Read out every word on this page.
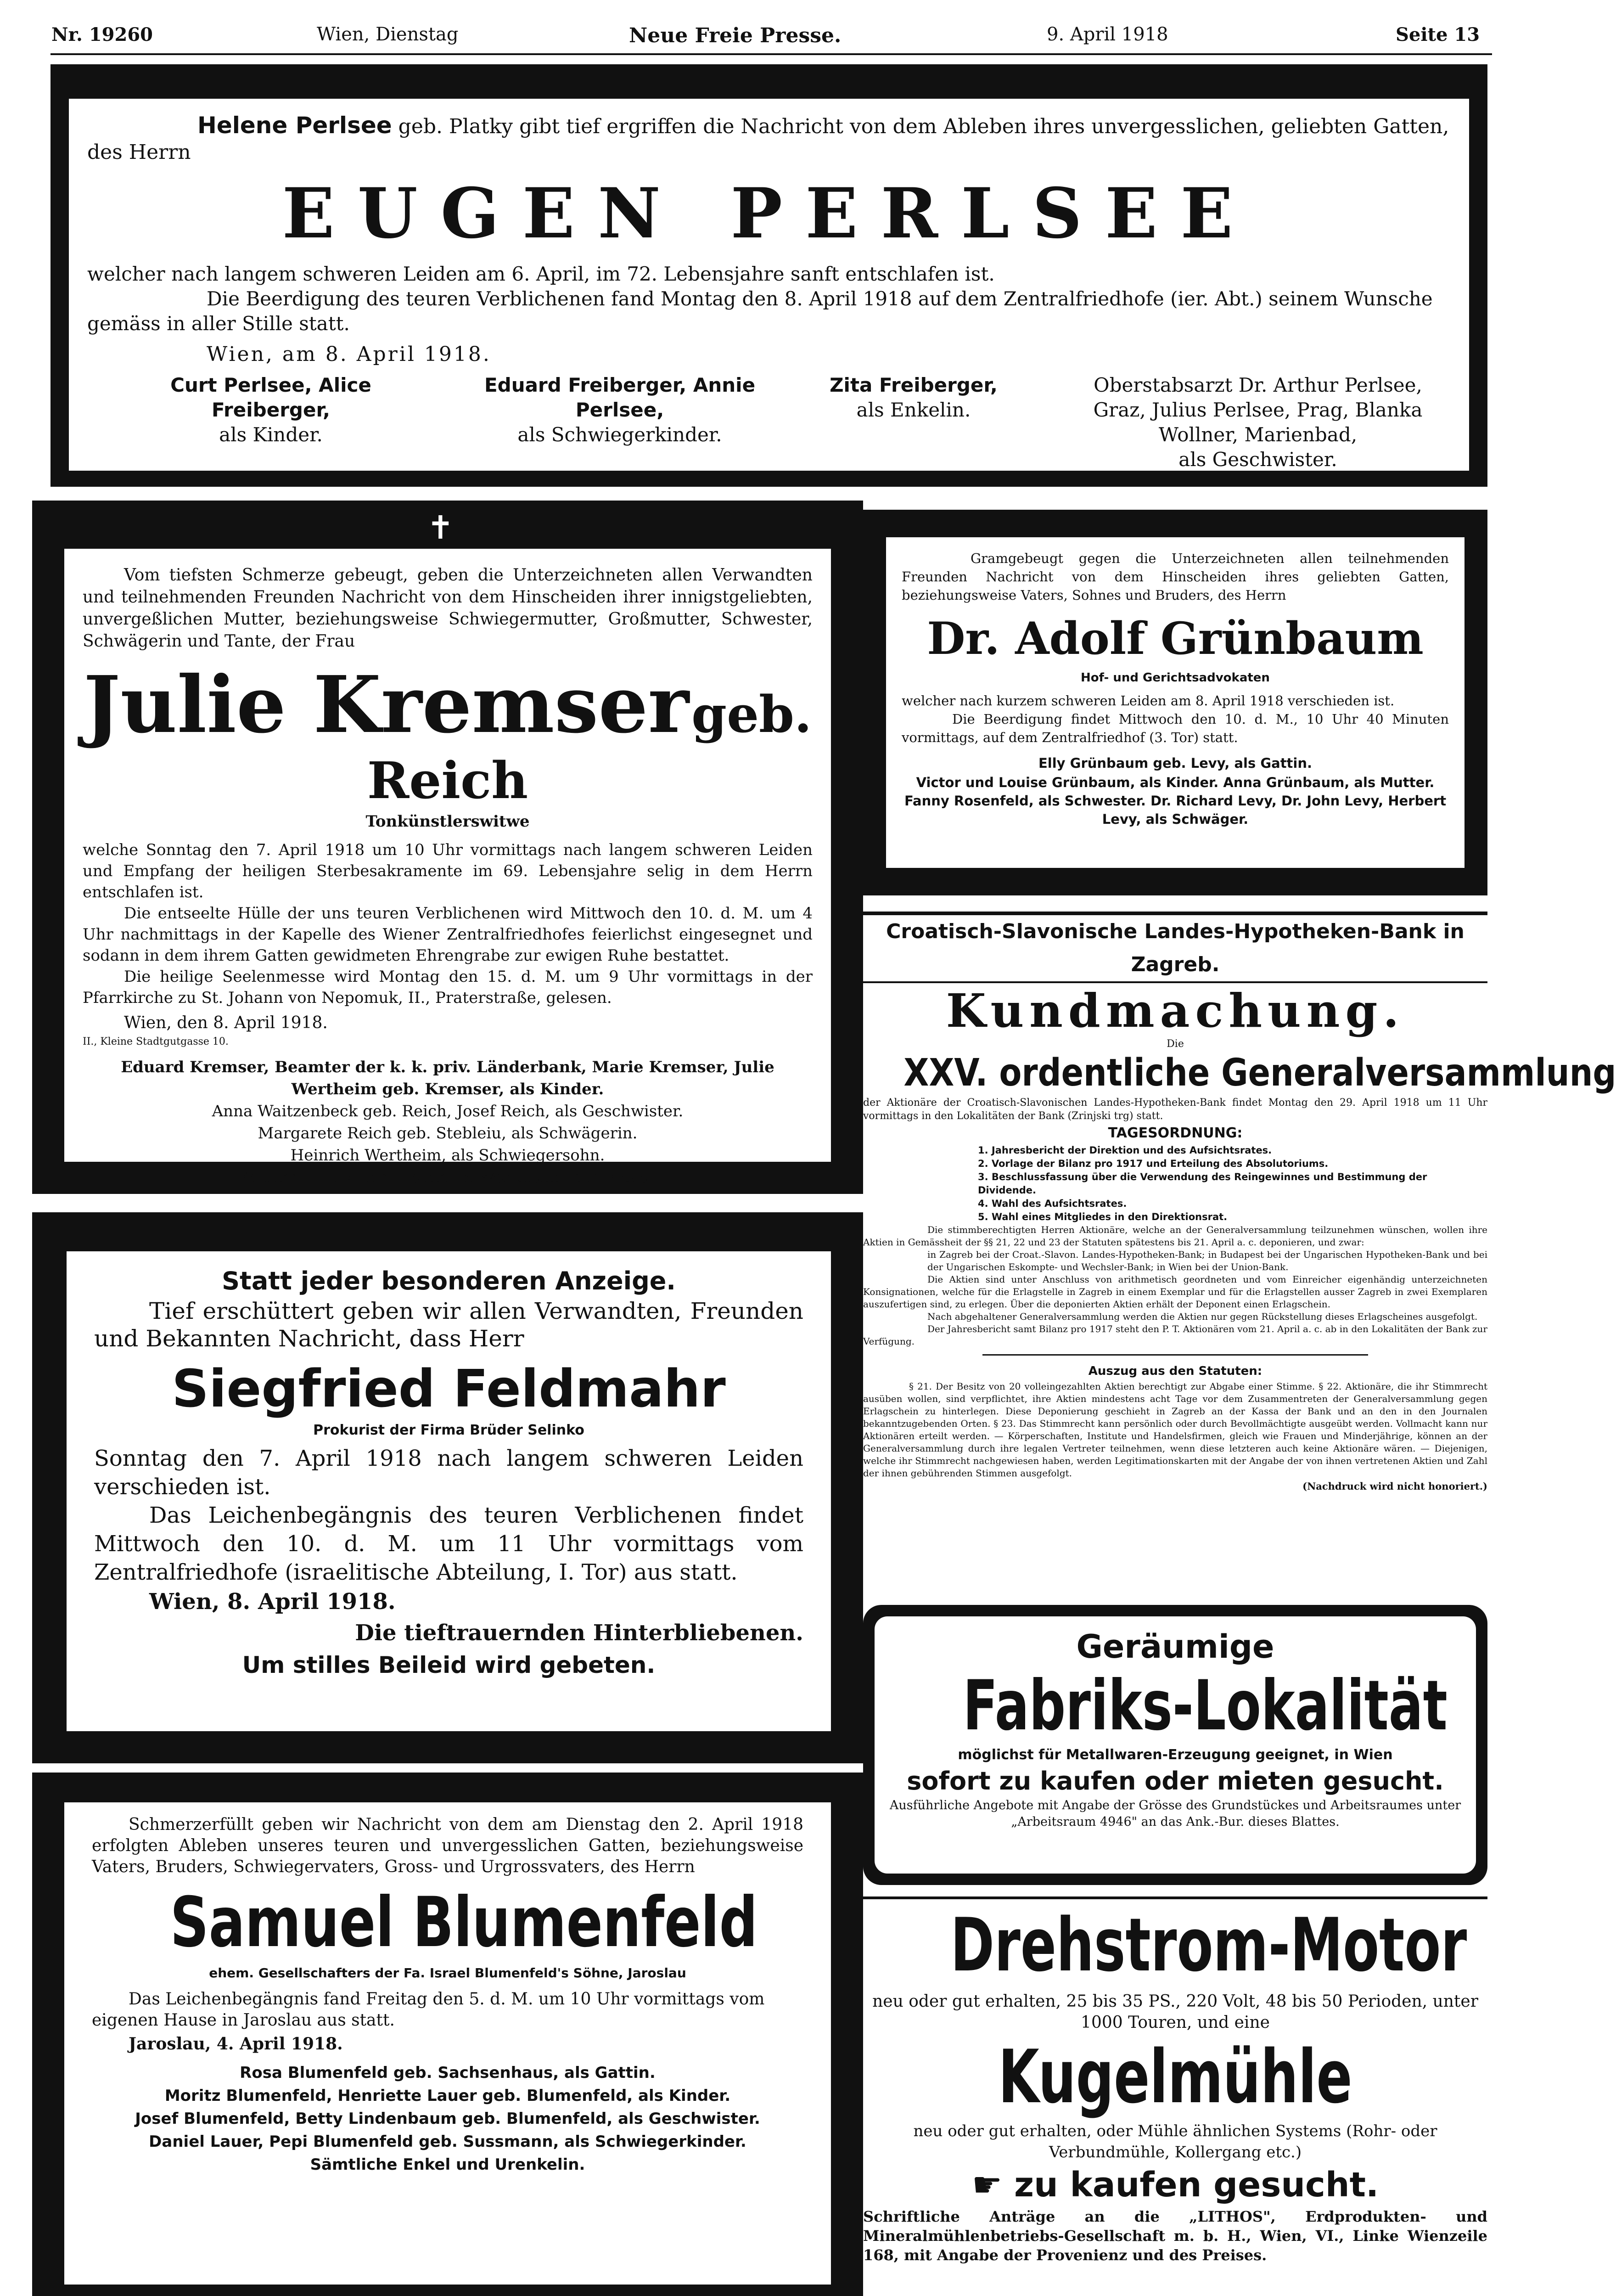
Nr. 19260	Wien, Dienstag	Neue Freie Presse.	9. April 1918	Seite 13

Helene Perlsee geb. Platky gibt tief ergriffen die Nachricht von dem Ableben ihres unvergesslichen, geliebten Gatten, des Herrn

EUGEN PERLSEE

welcher nach langem schweren Leiden am 6. April, im 72. Lebensjahre sanft entschlafen ist.

Die Beerdigung des teuren Verblichenen fand Montag den 8. April 1918 auf dem Zentralfriedhofe (ier. Abt.) seinem Wunsche gemäss in aller Stille statt.

Wien, am 8. April 1918.

Curt Perlsee, Alice Freiberger,
als Kinder.
Eduard Freiberger, Annie Perlsee,
als Schwiegerkinder.
Zita Freiberger,
als Enkelin.
Oberstabsarzt Dr. Arthur Perlsee, Graz, Julius Perlsee, Prag, Blanka Wollner, Marienbad,
als Geschwister.
✝

Vom tiefsten Schmerze gebeugt, geben die Unterzeichneten allen Verwandten und teilnehmenden Freunden Nachricht von dem Hinscheiden ihrer innigstgeliebten, unvergeßlichen Mutter, beziehungsweise Schwiegermutter, Großmutter, Schwester, Schwägerin und Tante, der Frau

Julie Kremser geb. Reich
Tonkünstlerswitwe

welche Sonntag den 7. April 1918 um 10 Uhr vormittags nach langem schweren Leiden und Empfang der heiligen Sterbesakramente im 69. Lebensjahre selig in dem Herrn entschlafen ist.

Die entseelte Hülle der uns teuren Verblichenen wird Mittwoch den 10. d. M. um 4 Uhr nachmittags in der Kapelle des Wiener Zentralfriedhofes feierlichst eingesegnet und sodann in dem ihrem Gatten gewidmeten Ehrengrabe zur ewigen Ruhe bestattet.

Die heilige Seelenmesse wird Montag den 15. d. M. um 9 Uhr vormittags in der Pfarrkirche zu St. Johann von Nepomuk, II., Praterstraße, gelesen.

Wien, den 8. April 1918.

II., Kleine Stadtgutgasse 10.

Eduard Kremser, Beamter der k. k. priv. Länderbank, Marie Kremser, Julie Wertheim geb. Kremser, als Kinder.

Anna Waitzenbeck geb. Reich, Josef Reich, als Geschwister.

Margarete Reich geb. Stebleiu, als Schwägerin.

Heinrich Wertheim, als Schwiegersohn.

Eduard, Julie und Heinrich Wertheim, als Enkel.

Gramgebeugt gegen die Unterzeichneten allen teilnehmenden Freunden Nachricht von dem Hinscheiden ihres geliebten Gatten, beziehungsweise Vaters, Sohnes und Bruders, des Herrn

Dr. Adolf Grünbaum
Hof- und Gerichtsadvokaten

welcher nach kurzem schweren Leiden am 8. April 1918 verschieden ist.

Die Beerdigung findet Mittwoch den 10. d. M., 10 Uhr 40 Minuten vormittags, auf dem Zentralfriedhof (3. Tor) statt.

Elly Grünbaum geb. Levy, als Gattin.

Victor und Louise Grünbaum, als Kinder. Anna Grünbaum, als Mutter. Fanny Rosenfeld, als Schwester. Dr. Richard Levy, Dr. John Levy, Herbert Levy, als Schwäger.

Croatisch-Slavonische Landes-Hypotheken-Bank in Zagreb.
Kundmachung.
Die
XXV. ordentliche Generalversammlung

der Aktionäre der Croatisch-Slavonischen Landes-Hypotheken-Bank findet Montag den 29. April 1918 um 11 Uhr vormittags in den Lokalitäten der Bank (Zrinjski trg) statt.

TAGESORDNUNG:

1. Jahresbericht der Direktion und des Aufsichtsrates.

2. Vorlage der Bilanz pro 1917 und Erteilung des Absolutoriums.

3. Beschlussfassung über die Verwendung des Reingewinnes und Bestimmung der Dividende.

4. Wahl des Aufsichtsrates.

5. Wahl eines Mitgliedes in den Direktionsrat.

Die stimmberechtigten Herren Aktionäre, welche an der Generalversammlung teilzunehmen wünschen, wollen ihre Aktien in Gemässheit der §§ 21, 22 und 23 der Statuten spätestens bis 21. April a. c. deponieren, und zwar:

in Zagreb bei der Croat.-Slavon. Landes-Hypotheken-Bank; in Budapest bei der Ungarischen Hypotheken-Bank und bei der Ungarischen Eskompte- und Wechsler-Bank; in Wien bei der Union-Bank.

Die Aktien sind unter Anschluss von arithmetisch geordneten und vom Einreicher eigenhändig unterzeichneten Konsignationen, welche für die Erlagstelle in Zagreb in einem Exemplar und für die Erlagstellen ausser Zagreb in zwei Exemplaren auszufertigen sind, zu erlegen. Über die deponierten Aktien erhält der Deponent einen Erlagschein.

Nach abgehaltener Generalversammlung werden die Aktien nur gegen Rückstellung dieses Erlagscheines ausgefolgt.

Der Jahresbericht samt Bilanz pro 1917 steht den P. T. Aktionären vom 21. April a. c. ab in den Lokalitäten der Bank zur Verfügung.

Auszug aus den Statuten:

§ 21. Der Besitz von 20 volleingezahlten Aktien berechtigt zur Abgabe einer Stimme. § 22. Aktionäre, die ihr Stimmrecht ausüben wollen, sind verpflichtet, ihre Aktien mindestens acht Tage vor dem Zusammentreten der Generalversammlung gegen Erlagschein zu hinterlegen. Diese Deponierung geschieht in Zagreb an der Kassa der Bank und an den in den Journalen bekanntzugebenden Orten. § 23. Das Stimmrecht kann persönlich oder durch Bevollmächtigte ausgeübt werden. Vollmacht kann nur Aktionären erteilt werden. — Körperschaften, Institute und Handelsfirmen, gleich wie Frauen und Minderjährige, können an der Generalversammlung durch ihre legalen Vertreter teilnehmen, wenn diese letzteren auch keine Aktionäre wären. — Diejenigen, welche ihr Stimmrecht nachgewiesen haben, werden Legitimationskarten mit der Angabe der von ihnen vertretenen Aktien und Zahl der ihnen gebührenden Stimmen ausgefolgt.

(Nachdruck wird nicht honoriert.)

Statt jeder besonderen Anzeige.

Tief erschüttert geben wir allen Verwandten, Freunden und Bekannten Nachricht, dass Herr

Siegfried Feldmahr
Prokurist der Firma Brüder Selinko

Sonntag den 7. April 1918 nach langem schweren Leiden verschieden ist.

Das Leichenbegängnis des teuren Verblichenen findet Mittwoch den 10. d. M. um 11 Uhr vormittags vom Zentralfriedhofe (israelitische Abteilung, I. Tor) aus statt.

Wien, 8. April 1918.

Die tieftrauernden Hinterbliebenen.

Um stilles Beileid wird gebeten.	Geräumige
Fabriks-Lokalität
möglichst für Metallwaren-Erzeugung geeignet, in Wien
sofort zu kaufen oder mieten gesucht.

Ausführliche Angebote mit Angabe der Grösse des Grundstückes und Arbeitsraumes unter „Arbeitsraum 4946" an das Ank.-Bur. dieses Blattes.

Schmerzerfüllt geben wir Nachricht von dem am Dienstag den 2. April 1918 erfolgten Ableben unseres teuren und unvergesslichen Gatten, beziehungsweise Vaters, Bruders, Schwiegervaters, Gross- und Urgrossvaters, des Herrn

Samuel Blumenfeld
ehem. Gesellschafters der Fa. Israel Blumenfeld's Söhne, Jaroslau

Das Leichenbegängnis fand Freitag den 5. d. M. um 10 Uhr vormittags vom eigenen Hause in Jaroslau aus statt.

Jaroslau, 4. April 1918.

Rosa Blumenfeld geb. Sachsenhaus, als Gattin.

Moritz Blumenfeld, Henriette Lauer geb. Blumenfeld, als Kinder.

Josef Blumenfeld, Betty Lindenbaum geb. Blumenfeld, als Geschwister.

Daniel Lauer, Pepi Blumenfeld geb. Sussmann, als Schwiegerkinder.

Sämtliche Enkel und Urenkelin.

Drehstrom-Motor

neu oder gut erhalten, 25 bis 35 PS., 220 Volt, 48 bis 50 Perioden, unter 1000 Touren, und eine

Kugelmühle

neu oder gut erhalten, oder Mühle ähnlichen Systems (Rohr- oder Verbundmühle, Kollergang etc.)

☛ zu kaufen gesucht.

Schriftliche Anträge an die „LITHOS", Erdprodukten- und Mineralmühlenbetriebs-Gesellschaft m. b. H., Wien, VI., Linke Wienzeile 168, mit Angabe der Provenienz und des Preises.
